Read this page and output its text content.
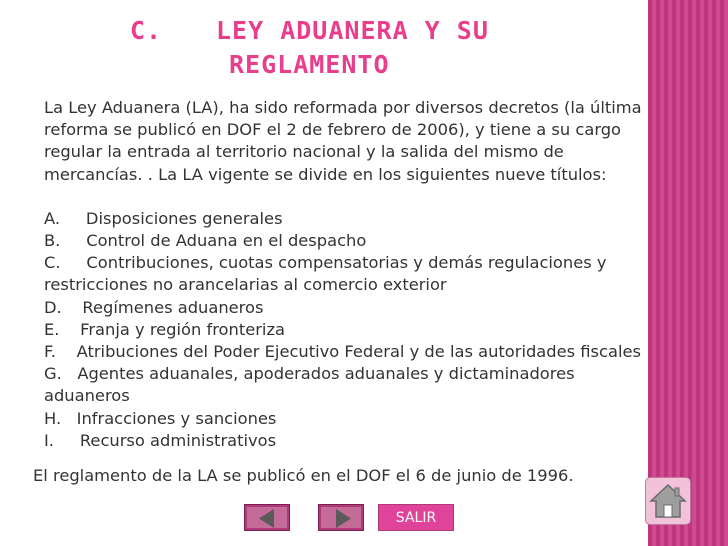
C. LEY ADUANERA Y SU
REGLAMENTO

La Ley Aduanera (LA), ha sido reformada por diversos decretos (la última

reforma se publicó en DOF el 2 de febrero de 2006), y tiene a su cargo

regular la entrada al territorio nacional y la salida del mismo de

mercancías. . La LA vigente se divide en los siguientes nueve títulos:

A.     Disposiciones generales

B.     Control de Aduana en el despacho

C.     Contribuciones, cuotas compensatorias y demás regulaciones y

restricciones no arancelarias al comercio exterior

D.    Regímenes aduaneros

E.    Franja y región fronteriza

F.    Atribuciones del Poder Ejecutivo Federal y de las autoridades fiscales

G.   Agentes aduanales, apoderados aduanales y dictaminadores

aduaneros

H.   Infracciones y sanciones

I.     Recurso administrativos

El reglamento de la LA se publicó en el DOF el 6 de junio de 1996.
SALIR
